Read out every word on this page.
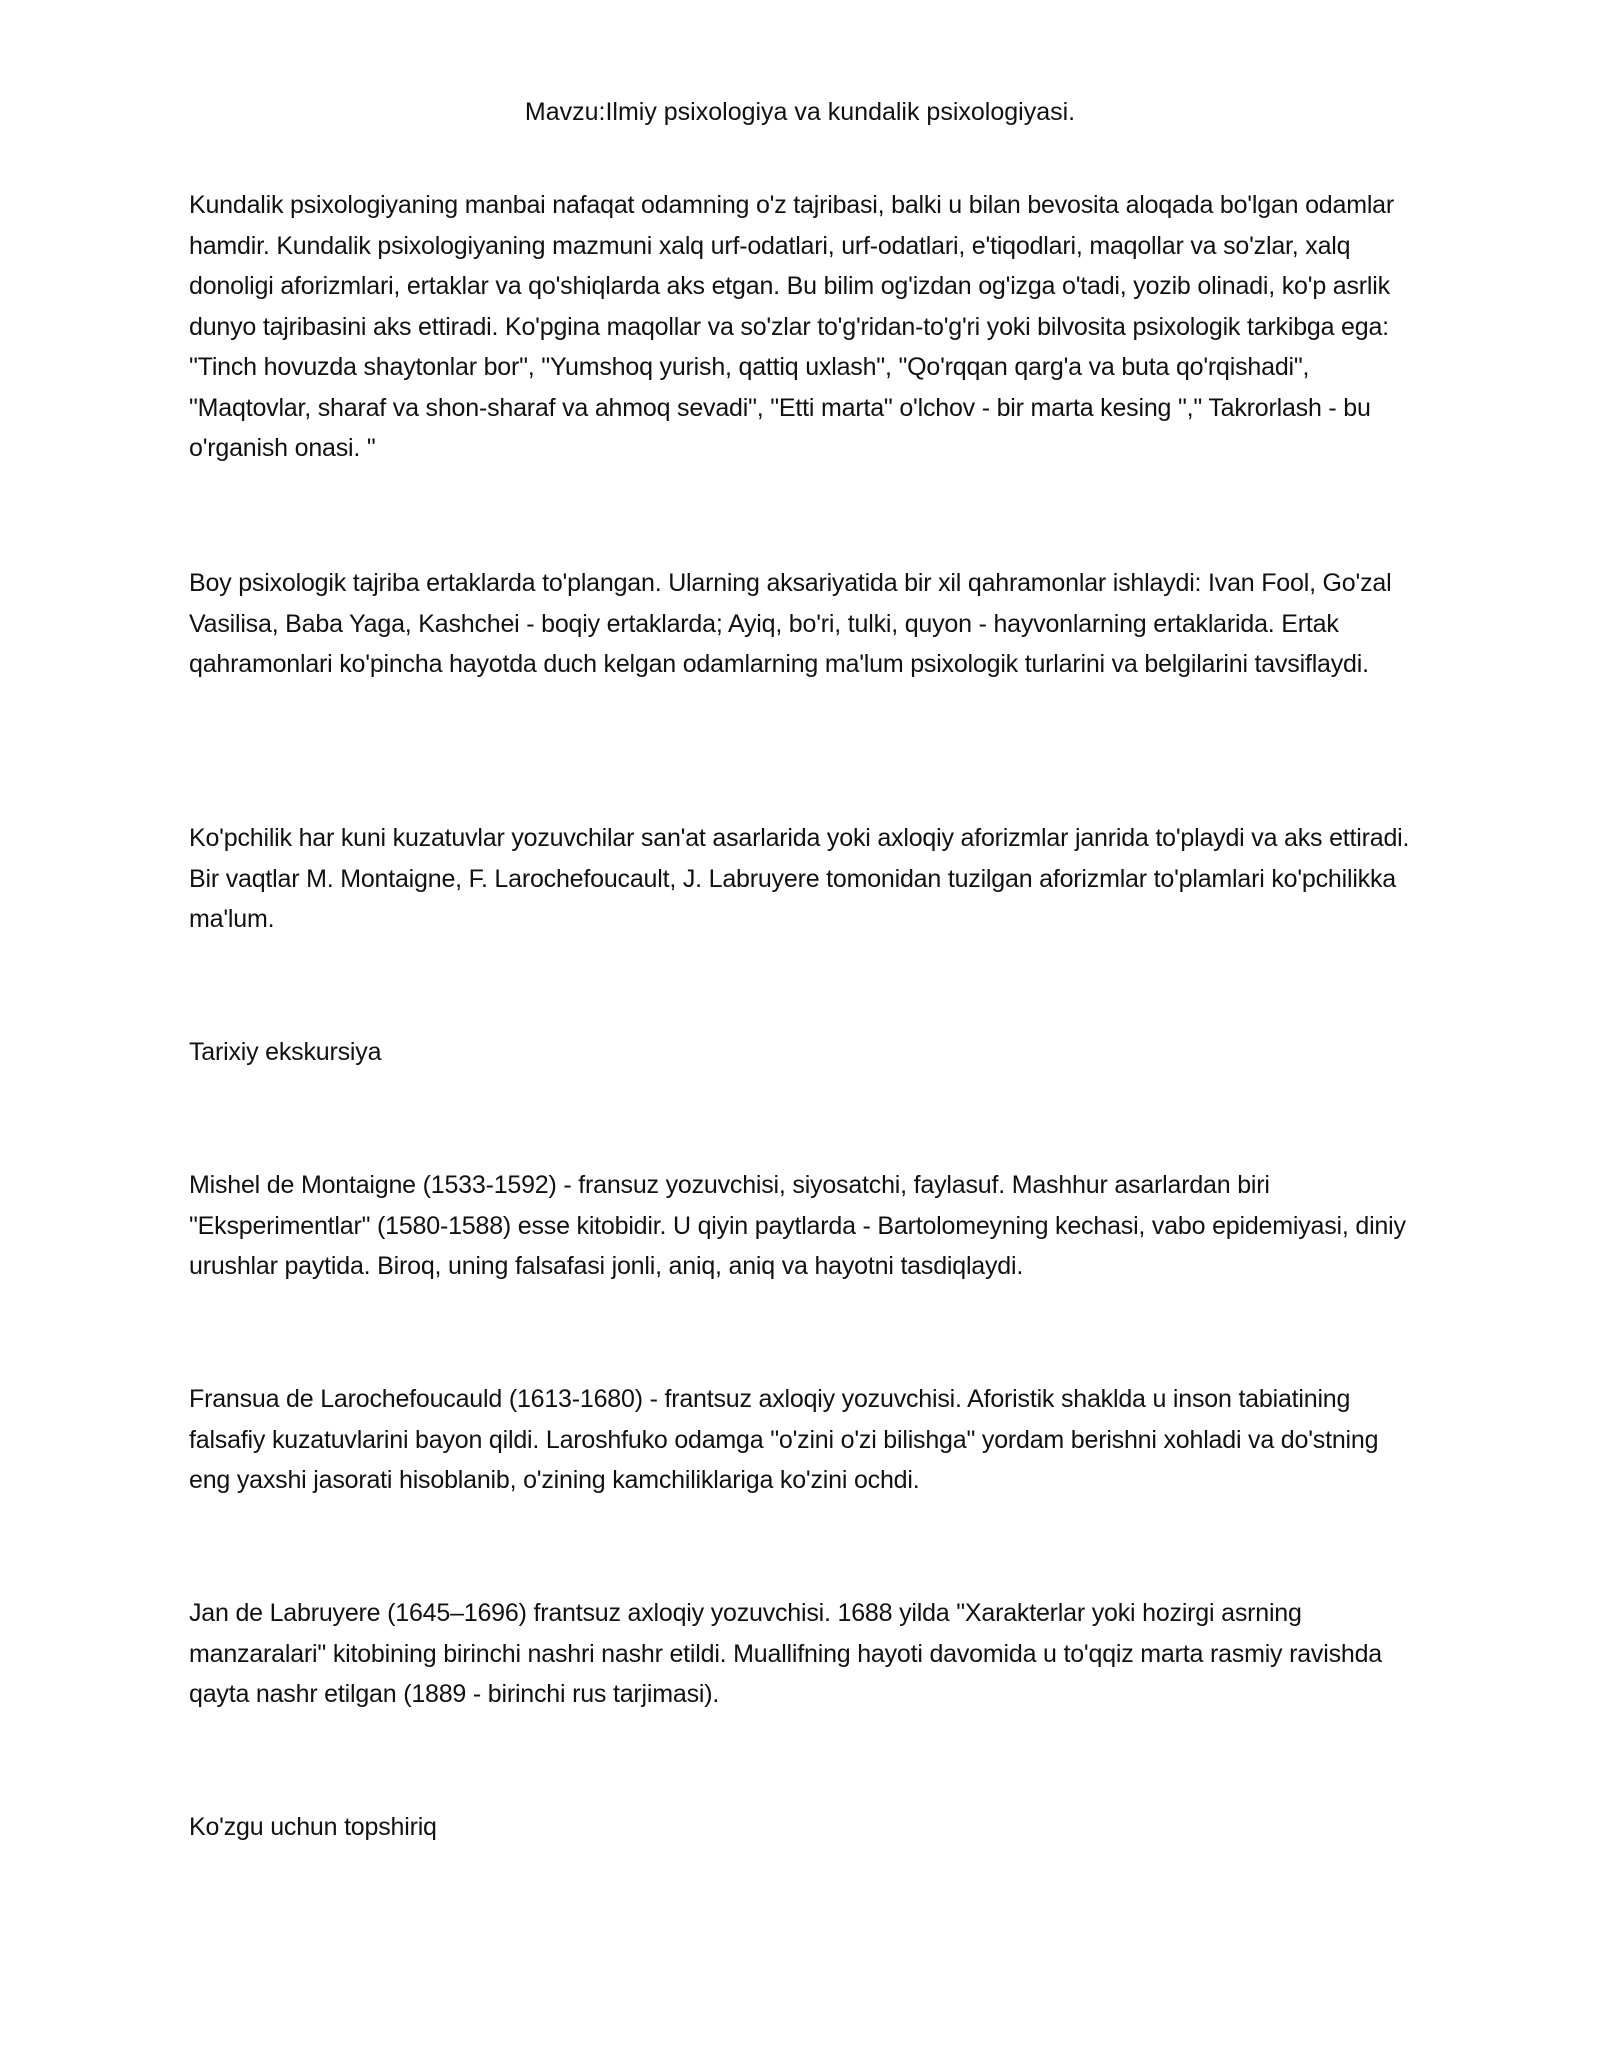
Mavzu:Ilmiy psixologiya va kundalik psixologiyasi.

Kundalik psixologiyaning manbai nafaqat odamning o'z tajribasi, balki u bilan bevosita aloqada bo'lgan odamlar hamdir. Kundalik psixologiyaning mazmuni xalq urf-odatlari, urf-odatlari, e'tiqodlari, maqollar va so'zlar, xalq donoligi aforizmlari, ertaklar va qo'shiqlarda aks etgan. Bu bilim og'izdan og'izga o'tadi, yozib olinadi, ko'p asrlik dunyo tajribasini aks ettiradi. Ko'pgina maqollar va so'zlar to'g'ridan-to'g'ri yoki bilvosita psixologik tarkibga ega: "Tinch hovuzda shaytonlar bor", "Yumshoq yurish, qattiq uxlash", "Qo'rqqan qarg'a va buta qo'rqishadi", "Maqtovlar, sharaf va shon-sharaf va ahmoq sevadi", "Etti marta" o'lchov - bir marta kesing "," Takrorlash - bu o'rganish onasi. "

Boy psixologik tajriba ertaklarda to'plangan. Ularning aksariyatida bir xil qahramonlar ishlaydi: Ivan Fool, Go'zal Vasilisa, Baba Yaga, Kashchei - boqiy ertaklarda; Ayiq, bo'ri, tulki, quyon - hayvonlarning ertaklarida. Ertak qahramonlari ko'pincha hayotda duch kelgan odamlarning ma'lum psixologik turlarini va belgilarini tavsiflaydi.

Ko'pchilik har kuni kuzatuvlar yozuvchilar san'at asarlarida yoki axloqiy aforizmlar janrida to'playdi va aks ettiradi. Bir vaqtlar M. Montaigne, F. Larochefoucault, J. Labruyere tomonidan tuzilgan aforizmlar to'plamlari ko'pchilikka ma'lum.

Tarixiy ekskursiya

Mishel de Montaigne (1533-1592) - fransuz yozuvchisi, siyosatchi, faylasuf. Mashhur asarlardan biri "Eksperimentlar" (1580-1588) esse kitobidir. U qiyin paytlarda - Bartolomeyning kechasi, vabo epidemiyasi, diniy urushlar paytida. Biroq, uning falsafasi jonli, aniq, aniq va hayotni tasdiqlaydi.

Fransua de Larochefoucauld (1613-1680) - frantsuz axloqiy yozuvchisi. Aforistik shaklda u inson tabiatining falsafiy kuzatuvlarini bayon qildi. Laroshfuko odamga "o'zini o'zi bilishga" yordam berishni xohladi va do'stning eng yaxshi jasorati hisoblanib, o'zining kamchiliklariga ko'zini ochdi.

Jan de Labruyere (1645–1696) frantsuz axloqiy yozuvchisi. 1688 yilda "Xarakterlar yoki hozirgi asrning manzaralari" kitobining birinchi nashri nashr etildi. Muallifning hayoti davomida u to'qqiz marta rasmiy ravishda qayta nashr etilgan (1889 - birinchi rus tarjimasi).

Ko'zgu uchun topshiriq
